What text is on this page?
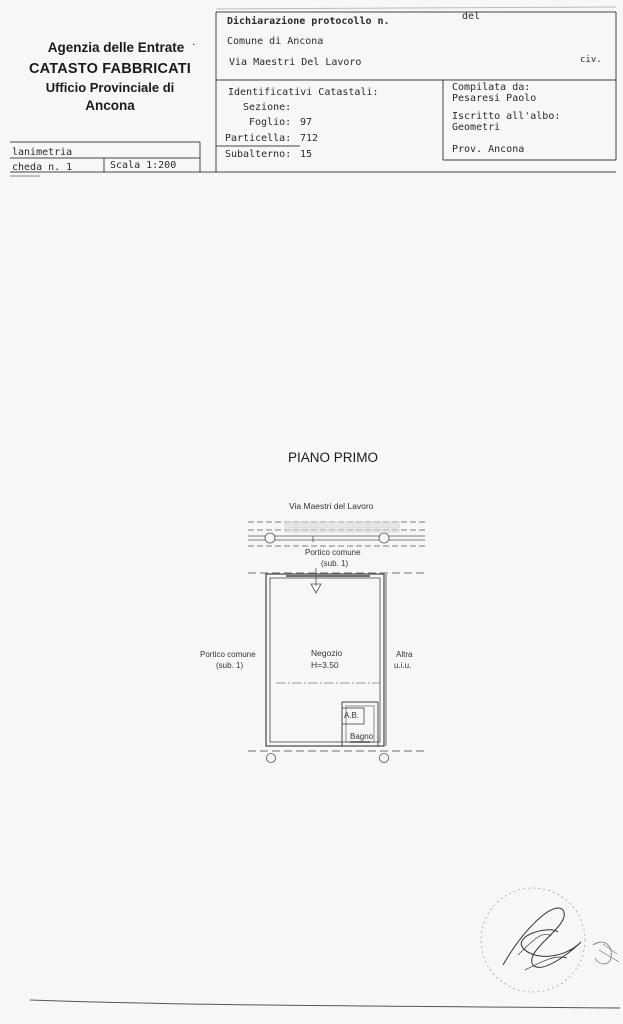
Agenzia delle Entrate
CATASTO FABBRICATI
Ufficio Provinciale di
Ancona
·
Dichiarazione protocollo n.	del
Comune di Ancona
Via Maestri Del Lavoro	civ.
Identificativi Catastali:
Sezione:
Foglio: 97
Particella: 712
Subalterno: 15
Compilata da:
Pesaresi Paolo
Iscritto all'albo:
Geometri
Prov. Ancona
lanimetria
cheda n. 1	Scala 1:200
PIANO PRIMO
Via Maestri del Lavoro
Portico comune
(sub. 1)
Portico comune
(sub. 1)
Negozio
H=3.50
Altra
u.i.u.
A.B.
Bagno
